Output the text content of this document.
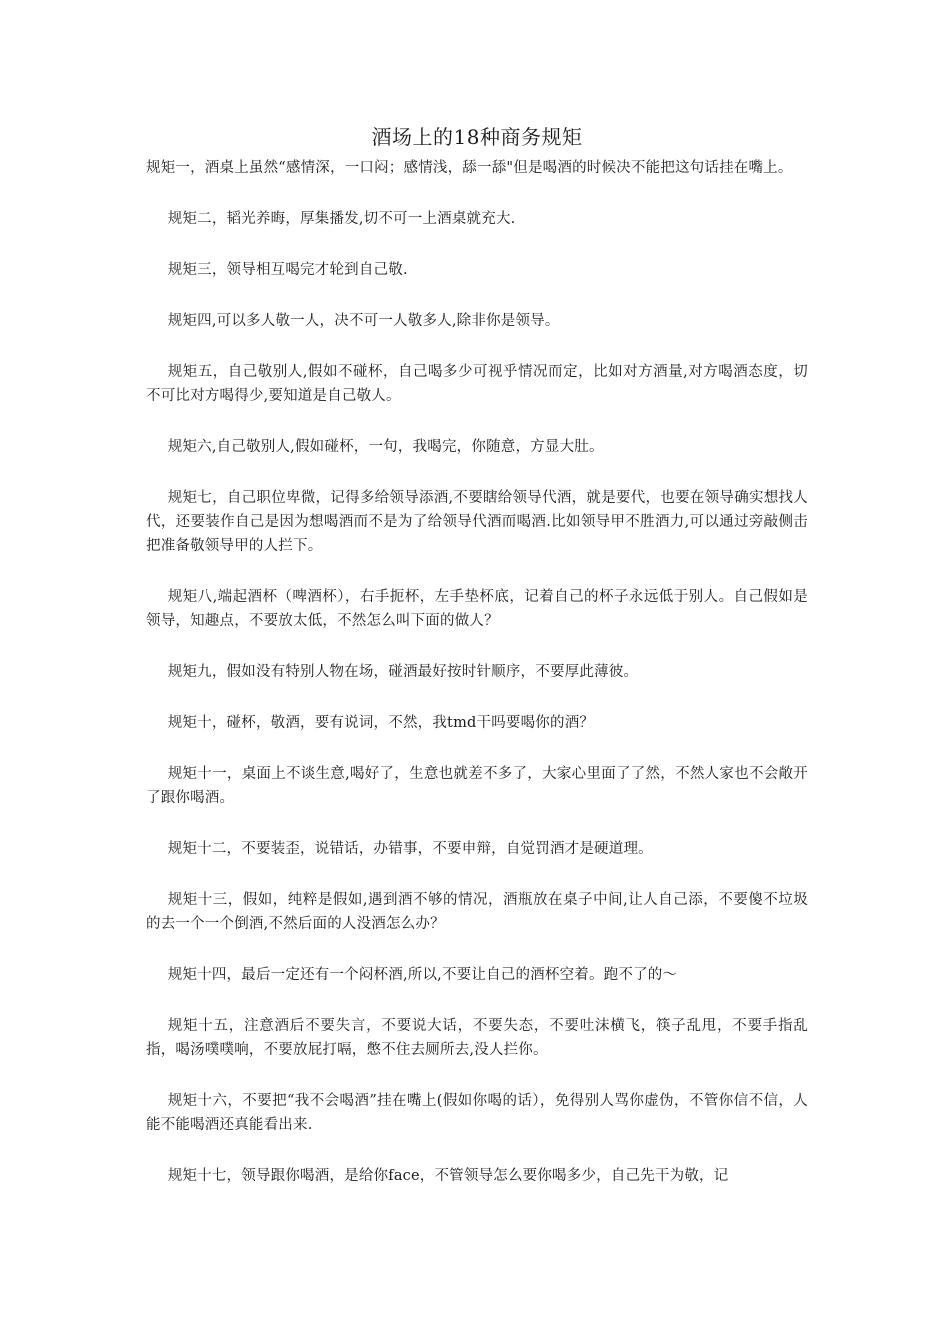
酒场上的18种商务规矩

规矩一，酒桌上虽然“感情深，一口闷；感情浅，舔一舔"但是喝酒的时候决不能把这句话挂在嘴上。

规矩二，韬光养晦，厚集播发,切不可一上酒桌就充大.

规矩三，领导相互喝完才轮到自己敬.

规矩四,可以多人敬一人，决不可一人敬多人,除非你是领导。

规矩五，自己敬别人,假如不碰杯，自己喝多少可视乎情况而定，比如对方酒量,对方喝酒态度，切不可比对方喝得少,要知道是自己敬人。

规矩六,自己敬别人,假如碰杯，一句，我喝完，你随意，方显大肚。

规矩七，自己职位卑微，记得多给领导添酒,不要瞎给领导代酒，就是要代，也要在领导确实想找人代，还要装作自己是因为想喝酒而不是为了给领导代酒而喝酒.比如领导甲不胜酒力,可以通过旁敲侧击把准备敬领导甲的人拦下。

规矩八,端起酒杯（啤酒杯），右手扼杯，左手垫杯底，记着自己的杯子永远低于别人。自己假如是领导，知趣点，不要放太低，不然怎么叫下面的做人？

规矩九，假如没有特别人物在场，碰酒最好按时针顺序，不要厚此薄彼。

规矩十，碰杯，敬酒，要有说词，不然，我tmd干吗要喝你的酒？

规矩十一，桌面上不谈生意,喝好了，生意也就差不多了，大家心里面了了然，不然人家也不会敞开了跟你喝酒。

规矩十二，不要装歪，说错话，办错事，不要申辩，自觉罚酒才是硬道理。

规矩十三，假如，纯粹是假如,遇到酒不够的情况，酒瓶放在桌子中间,让人自己添，不要傻不垃圾的去一个一个倒酒,不然后面的人没酒怎么办？

规矩十四，最后一定还有一个闷杯酒,所以,不要让自己的酒杯空着。跑不了的～

规矩十五，注意酒后不要失言，不要说大话，不要失态，不要吐沫横飞，筷子乱甩，不要手指乱指，喝汤噗噗响，不要放屁打嗝，憋不住去厕所去,没人拦你。

规矩十六，不要把“我不会喝酒”挂在嘴上(假如你喝的话），免得别人骂你虚伪，不管你信不信，人能不能喝酒还真能看出来.

规矩十七，领导跟你喝酒，是给你face，不管领导怎么要你喝多少，自己先干为敬，记
